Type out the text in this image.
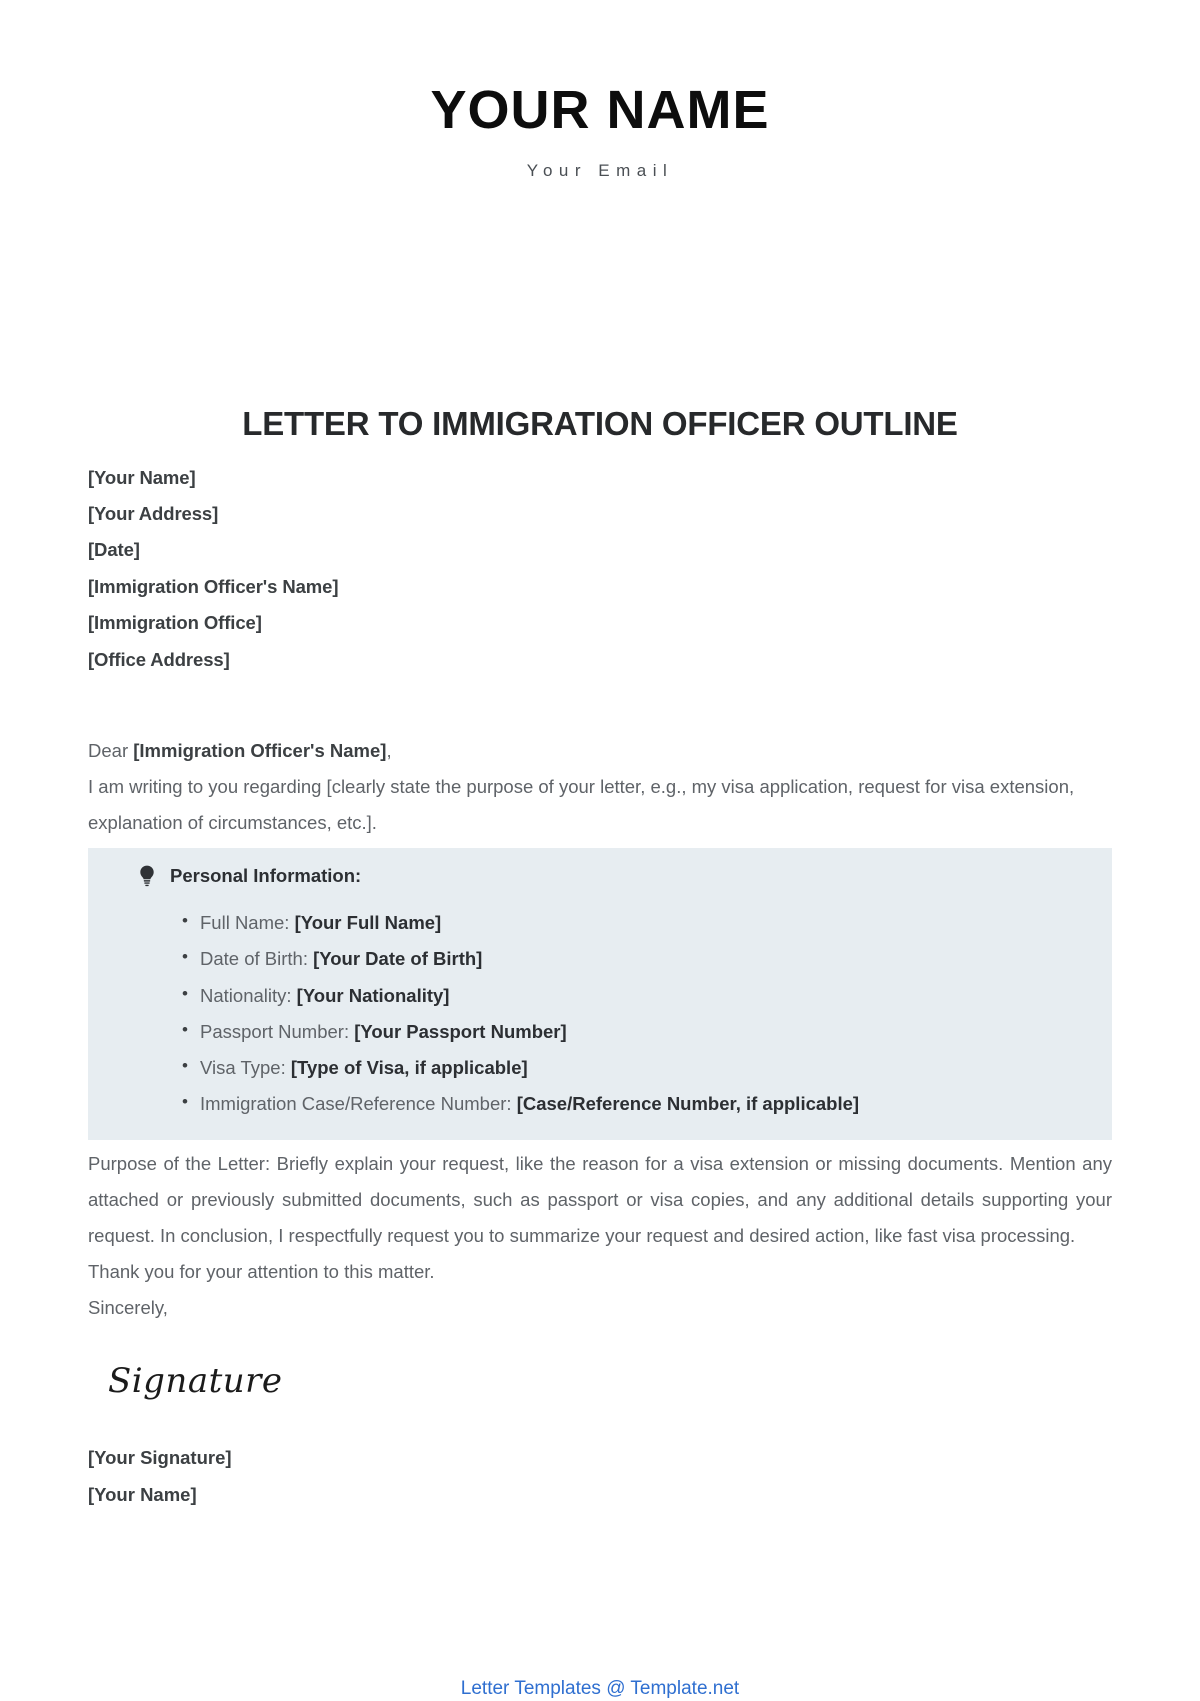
YOUR NAME
Your Email
LETTER TO IMMIGRATION OFFICER OUTLINE
[Your Name]
[Your Address]
[Date]
[Immigration Officer's Name]
[Immigration Office]
[Office Address]
Dear [Immigration Officer's Name],

I am writing to you regarding [clearly state the purpose of your letter, e.g., my visa application, request for visa extension, explanation of circumstances, etc.].

Personal Information:
• Full Name: [Your Full Name]
• Date of Birth: [Your Date of Birth]
• Nationality: [Your Nationality]
• Passport Number: [Your Passport Number]
• Visa Type: [Type of Visa, if applicable]
• Immigration Case/Reference Number: [Case/Reference Number, if applicable]

Purpose of the Letter: Briefly explain your request, like the reason for a visa extension or missing documents. Mention any attached or previously submitted documents, such as passport or visa copies, and any additional details supporting your request. In conclusion, I respectfully request you to summarize your request and desired action, like fast visa processing.

Thank you for your attention to this matter.
Sincerely,
Signature
[Your Signature]
[Your Name]
Letter Templates @ Template.net
